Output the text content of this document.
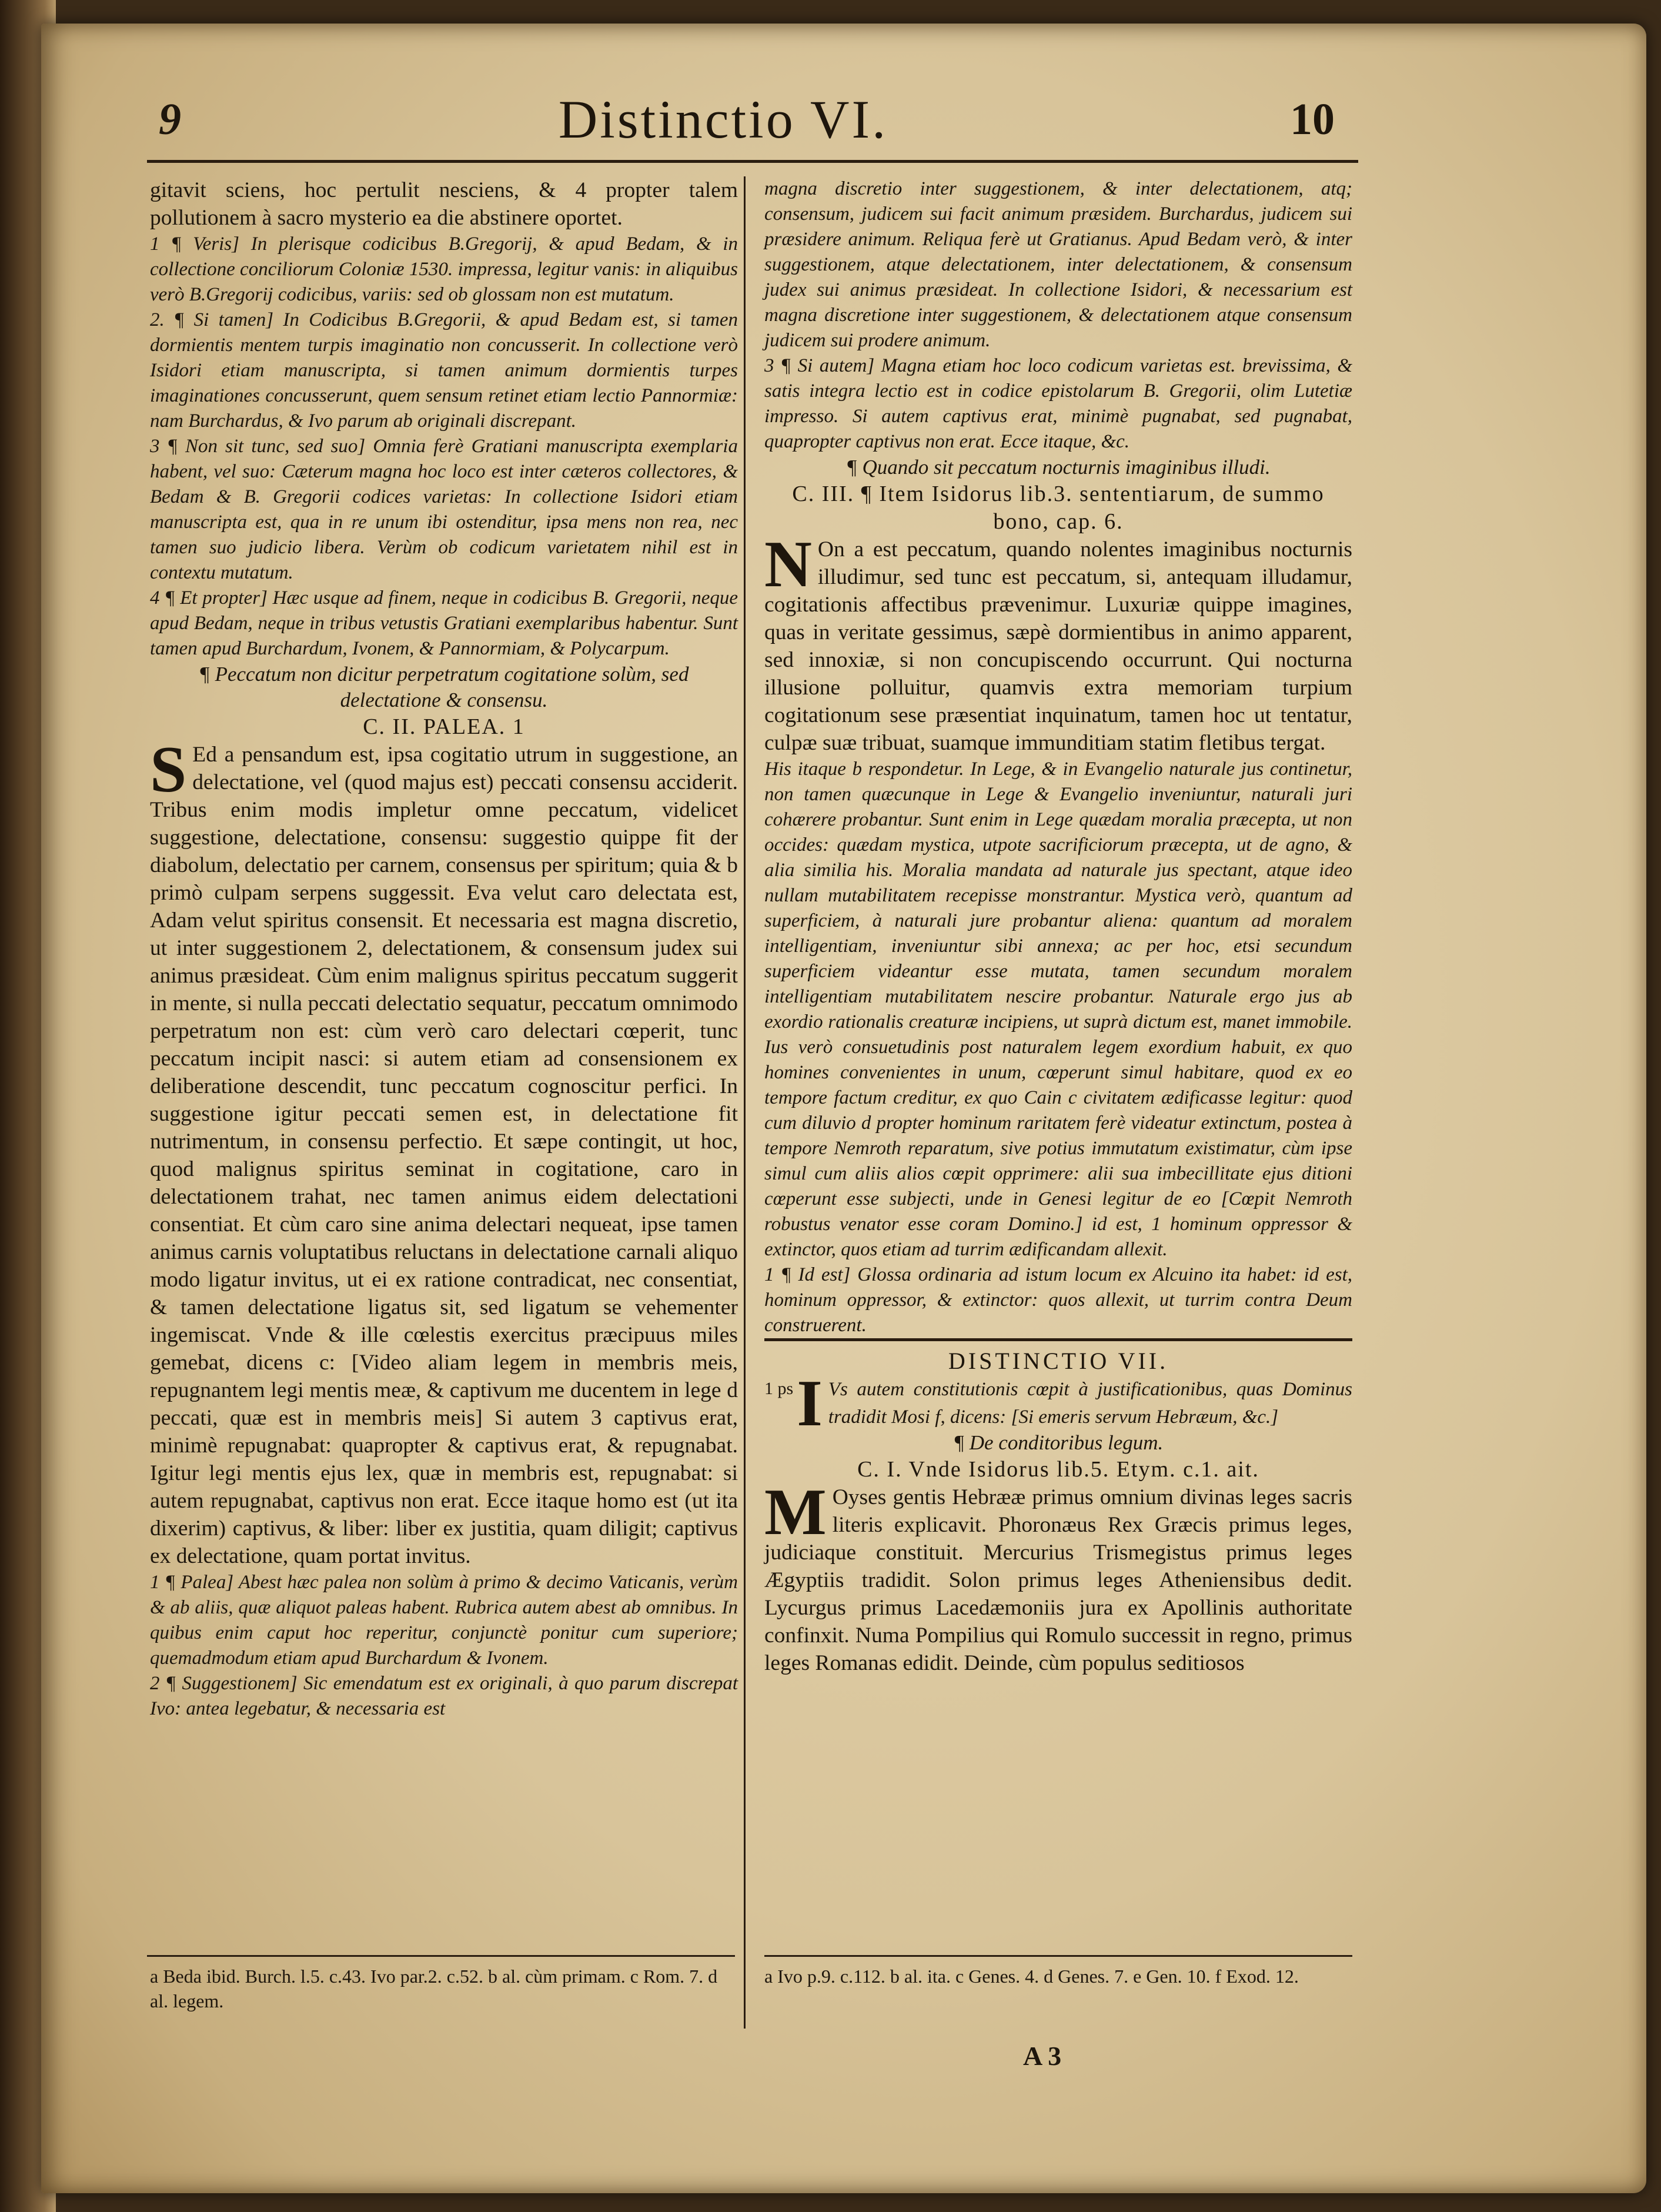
9	Distinctio VI.	10

gitavit sciens, hoc pertulit nesciens, & 4 propter talem pollutionem à sacro mysterio ea die abstinere oportet.

1 ¶ Veris] In plerisque codicibus B.Gregorij, & apud Bedam, & in collectione conciliorum Coloniæ 1530. impressa, legitur vanis: in aliquibus verò B.Gregorij codicibus, variis: sed ob glossam non est mutatum.

2. ¶ Si tamen] In Codicibus B.Gregorii, & apud Bedam est, si tamen dormientis mentem turpis imaginatio non concusserit. In collectione verò Isidori etiam manuscripta, si tamen animum dormientis turpes imaginationes concusserunt, quem sensum retinet etiam lectio Pannormiæ: nam Burchardus, & Ivo parum ab originali discrepant.

3 ¶ Non sit tunc, sed suo] Omnia ferè Gratiani manuscripta exemplaria habent, vel suo: Cæterum magna hoc loco est inter cæteros collectores, & Bedam & B. Gregorii codices varietas: In collectione Isidori etiam manuscripta est, qua in re unum ibi ostenditur, ipsa mens non rea, nec tamen suo judicio libera. Verùm ob codicum varietatem nihil est in contextu mutatum.

4 ¶ Et propter] Hæc usque ad finem, neque in codicibus B. Gregorii, neque apud Bedam, neque in tribus vetustis Gratiani exemplaribus habentur. Sunt tamen apud Burchardum, Ivonem, & Pannormiam, & Polycarpum.

¶ Peccatum non dicitur perpetratum cogitatione solùm, sed delectatione & consensu.

C. II. PALEA. 1

S Ed a pensandum est, ipsa cogitatio utrum in suggestione, an delectatione, vel (quod majus est) peccati consensu acciderit. Tribus enim modis impletur omne peccatum, videlicet suggestione, delectatione, consensu: suggestio quippe fit der diabolum, delectatio per carnem, consensus per spiritum; quia & b primò culpam serpens suggessit. Eva velut caro delectata est, Adam velut spiritus consensit. Et necessaria est magna discretio, ut inter suggestionem 2, delectationem, & consensum judex sui animus præsideat. Cùm enim malignus spiritus peccatum suggerit in mente, si nulla peccati delectatio sequatur, peccatum omnimodo perpetratum non est: cùm verò caro delectari cœperit, tunc peccatum incipit nasci: si autem etiam ad consensionem ex deliberatione descendit, tunc peccatum cognoscitur perfici. In suggestione igitur peccati semen est, in delectatione fit nutrimentum, in consensu perfectio. Et sæpe contingit, ut hoc, quod malignus spiritus seminat in cogitatione, caro in delectationem trahat, nec tamen animus eidem delectationi consentiat. Et cùm caro sine anima delectari nequeat, ipse tamen animus carnis voluptatibus reluctans in delectatione carnali aliquo modo ligatur invitus, ut ei ex ratione contradicat, nec consentiat, & tamen delectatione ligatus sit, sed ligatum se vehementer ingemiscat. Vnde & ille cœlestis exercitus præcipuus miles gemebat, dicens c: [Video aliam legem in membris meis, repugnantem legi mentis meæ, & captivum me ducentem in lege d peccati, quæ est in membris meis] Si autem 3 captivus erat, minimè repugnabat: quapropter & captivus erat, & repugnabat. Igitur legi mentis ejus lex, quæ in membris est, repugnabat: si autem repugnabat, captivus non erat. Ecce itaque homo est (ut ita dixerim) captivus, & liber: liber ex justitia, quam diligit; captivus ex delectatione, quam portat invitus.

1 ¶ Palea] Abest hæc palea non solùm à primo & decimo Vaticanis, verùm & ab aliis, quæ aliquot paleas habent. Rubrica autem abest ab omnibus. In quibus enim caput hoc reperitur, conjunctè ponitur cum superiore; quemadmodum etiam apud Burchardum & Ivonem.

2 ¶ Suggestionem] Sic emendatum est ex originali, à quo parum discrepat Ivo: antea legebatur, & necessaria est

magna discretio inter suggestionem, & inter delectationem, atq; consensum, judicem sui facit animum præsidem. Burchardus, judicem sui præsidere animum. Reliqua ferè ut Gratianus. Apud Bedam verò, & inter suggestionem, atque delectationem, inter delectationem, & consensum judex sui animus præsideat. In collectione Isidori, & necessarium est magna discretione inter suggestionem, & delectationem atque consensum judicem sui prodere animum.

3 ¶ Si autem] Magna etiam hoc loco codicum varietas est. brevissima, & satis integra lectio est in codice epistolarum B. Gregorii, olim Lutetiæ impresso. Si autem captivus erat, minimè pugnabat, sed pugnabat, quapropter captivus non erat. Ecce itaque, &c.

¶ Quando sit peccatum nocturnis imaginibus illudi.

C. III. ¶ Item Isidorus lib.3. sententiarum, de summo bono, cap. 6.

N On a est peccatum, quando nolentes imaginibus nocturnis illudimur, sed tunc est peccatum, si, antequam illudamur, cogitationis affectibus prævenimur. Luxuriæ quippe imagines, quas in veritate gessimus, sæpè dormientibus in animo apparent, sed innoxiæ, si non concupiscendo occurrunt. Qui nocturna illusione polluitur, quamvis extra memoriam turpium cogitationum sese præsentiat inquinatum, tamen hoc ut tentatur, culpæ suæ tribuat, suamque immunditiam statim fletibus tergat.

His itaque b respondetur. In Lege, & in Evangelio naturale jus continetur, non tamen quæcunque in Lege & Evangelio inveniuntur, naturali juri cohærere probantur. Sunt enim in Lege quædam moralia præcepta, ut non occides: quædam mystica, utpote sacrificiorum præcepta, ut de agno, & alia similia his. Moralia mandata ad naturale jus spectant, atque ideo nullam mutabilitatem recepisse monstrantur. Mystica verò, quantum ad superficiem, à naturali jure probantur aliena: quantum ad moralem intelligentiam, inveniuntur sibi annexa; ac per hoc, etsi secundum superficiem videantur esse mutata, tamen secundum moralem intelligentiam mutabilitatem nescire probantur. Naturale ergo jus ab exordio rationalis creaturæ incipiens, ut suprà dictum est, manet immobile. Ius verò consuetudinis post naturalem legem exordium habuit, ex quo homines convenientes in unum, cœperunt simul habitare, quod ex eo tempore factum creditur, ex quo Cain c civitatem ædificasse legitur: quod cum diluvio d propter hominum raritatem ferè videatur extinctum, postea à tempore Nemroth reparatum, sive potius immutatum existimatur, cùm ipse simul cum aliis alios cœpit opprimere: alii sua imbecillitate ejus ditioni cœperunt esse subjecti, unde in Genesi legitur de eo [Cœpit Nemroth robustus venator esse coram Domino.] id est, 1 hominum oppressor & extinctor, quos etiam ad turrim ædificandam allexit.

1 ¶ Id est] Glossa ordinaria ad istum locum ex Alcuino ita habet: id est, hominum oppressor, & extinctor: quos allexit, ut turrim contra Deum construerent.

DISTINCTIO VII.

1 ps I Vs autem constitutionis cœpit à justificationibus, quas Dominus tradidit Mosi f, dicens: [Si emeris servum Hebræum, &c.]

¶ De conditoribus legum.

C. I. Vnde Isidorus lib.5. Etym. c.1. ait.

M Oyses gentis Hebrææ primus omnium divinas leges sacris literis explicavit. Phoronæus Rex Græcis primus leges, judiciaque constituit. Mercurius Trismegistus primus leges Ægyptiis tradidit. Solon primus leges Atheniensibus dedit. Lycurgus primus Lacedæmoniis jura ex Apollinis authoritate confinxit. Numa Pompilius qui Romulo successit in regno, primus leges Romanas edidit. Deinde, cùm populus seditiosos

a Beda ibid. Burch. l.5. c.43. Ivo par.2. c.52. b al. cùm primam. c Rom. 7. d al. legem.
a Ivo p.9. c.112. b al. ita. c Genes. 4. d Genes. 7. e Gen. 10. f Exod. 12.
A 3
